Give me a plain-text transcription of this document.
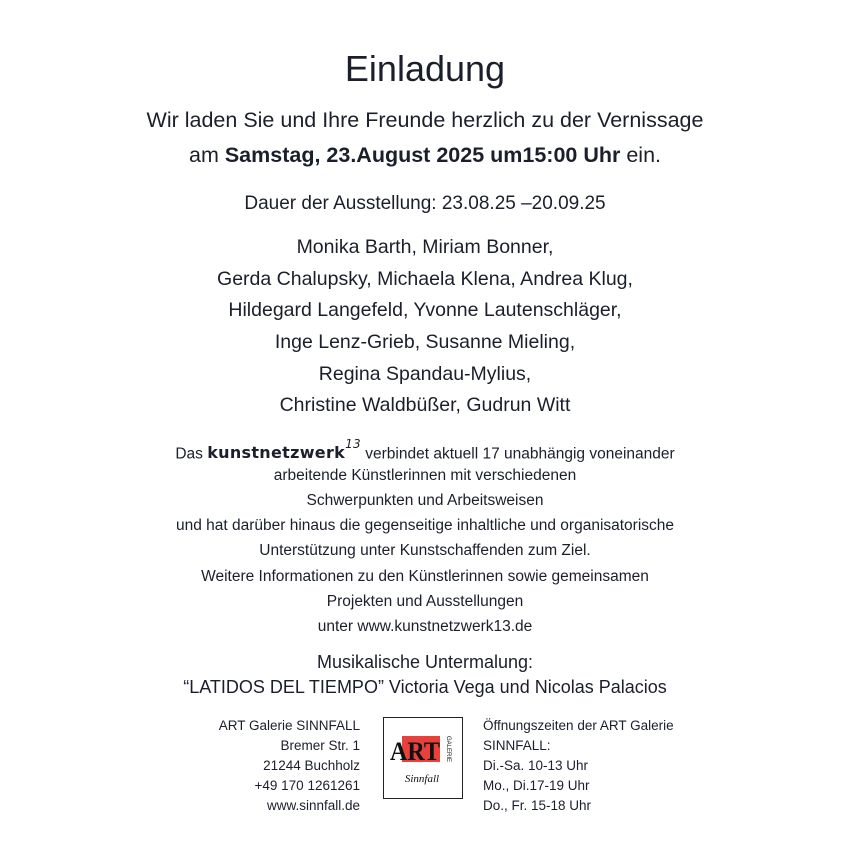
Einladung
Wir laden Sie und Ihre Freunde herzlich zu der Vernissage
am Samstag, 23.August 2025 um15:00 Uhr ein.
Dauer der Ausstellung: 23.08.25 –20.09.25
Monika Barth, Miriam Bonner,
Gerda Chalupsky, Michaela Klena, Andrea Klug,
Hildegard Langefeld, Yvonne Lautenschläger,
Inge Lenz-Grieb, Susanne Mieling,
Regina Spandau-Mylius,
Christine Waldbüßer, Gudrun Witt
Das kunstnetzwerk$^{13}$ verbindet aktuell 17 unabhängig voneinander
arbeitende Künstlerinnen mit verschiedenen
Schwerpunkten und Arbeitsweisen
und hat darüber hinaus die gegenseitige inhaltliche und organisatorische
Unterstützung unter Kunstschaffenden zum Ziel.
Weitere Informationen zu den Künstlerinnen sowie gemeinsamen
Projekten und Ausstellungen
unter www.kunstnetzwerk13.de
Musikalische Untermalung:
“LATIDOS DEL TIEMPO” Victoria Vega und Nicolas Palacios
ART Galerie SINNFALL
Bremer Str. 1
21244 Buchholz
+49 170 1261261
www.sinnfall.de
ART GALERIE
Sinnfall
Öffnungszeiten der ART Galerie
SINNFALL:
Di.-Sa. 10-13 Uhr
Mo., Di.17-19 Uhr
Do., Fr. 15-18 Uhr
